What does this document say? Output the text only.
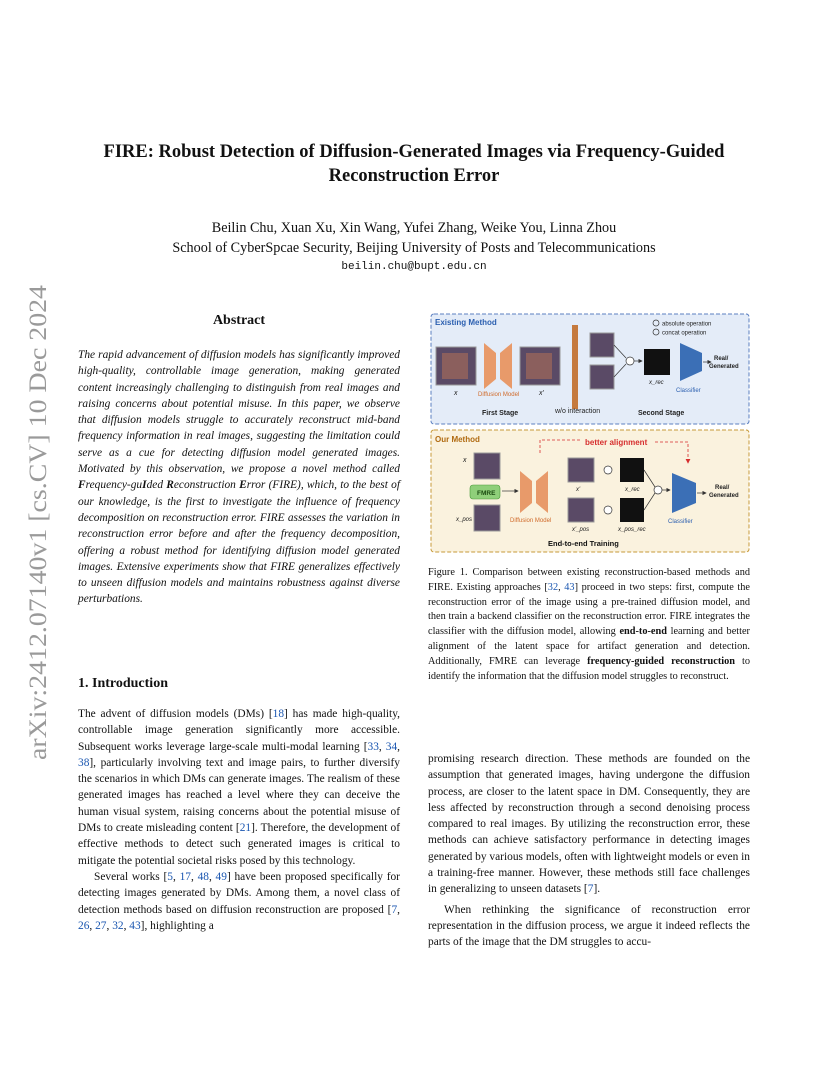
arXiv:2412.07140v1 [cs.CV] 10 Dec 2024
FIRE: Robust Detection of Diffusion-Generated Images via Frequency-Guided
Reconstruction Error
Beilin Chu, Xuan Xu, Xin Wang, Yufei Zhang, Weike You, Linna Zhou
School of CyberSpcae Security, Beijing University of Posts and Telecommunications
beilin.chu@bupt.edu.cn
Abstract
The rapid advancement of diffusion models has significantly improved high-quality, controllable image generation, making generated content increasingly challenging to distinguish from real images and raising concerns about potential misuse. In this paper, we observe that diffusion models struggle to accurately reconstruct mid-band frequency information in real images, suggesting the limitation could serve as a cue for detecting diffusion model generated images. Motivated by this observation, we propose a novel method called Frequency-guIded Reconstruction Error (FIRE), which, to the best of our knowledge, is the first to investigate the influence of frequency decomposition on reconstruction error. FIRE assesses the variation in reconstruction error before and after the frequency decomposition, offering a robust method for identifying diffusion model generated images. Extensive experiments show that FIRE generalizes effectively to unseen diffusion models and maintains robustness against diverse perturbations.
1. Introduction

The advent of diffusion models (DMs) [18] has made high-quality, controllable image generation significantly more accessible. Subsequent works leverage large-scale multi-modal learning [33, 34, 38], particularly involving text and image pairs, to further diversify the scenarios in which DMs can generate images. The realism of these generated images has reached a level where they can deceive the human visual system, raising concerns about the potential misuse of DMs to create misleading content [21]. Therefore, the development of effective methods to detect such generated images is critical to mitigate the potential societal risks posed by this technology.

Several works [5, 17, 48, 49] have been proposed specifically for detecting images generated by DMs. Among them, a novel class of detection methods based on diffusion reconstruction are proposed [7, 26, 27, 32, 43], highlighting a

Existing Method	absolute operation
concat operation
x	Diffusion Model	x'
x_rec
Classifier
Real/
Generated
First Stage	w/o interaction	Second Stage
Our Method	better alignment
x
FMRE
x_pos	Diffusion Model
x'
x'_pos
x_rec
x_pos_rec
Classifier
Real/
Generated
End-to-end Training
Figure 1. Comparison between existing reconstruction-based methods and FIRE. Existing approaches [32, 43] proceed in two steps: first, compute the reconstruction error of the image using a pre-trained diffusion model, and then train a backend classifier on the reconstruction error. FIRE integrates the classifier with the diffusion model, allowing end-to-end learning and better alignment of the latent space for artifact generation and detection. Additionally, FMRE can leverage frequency-guided reconstruction to identify the information that the diffusion model struggles to reconstruct.

promising research direction. These methods are founded on the assumption that generated images, having undergone the diffusion process, are closer to the latent space in DM. Consequently, they are less affected by reconstruction through a second denoising process compared to real images. By utilizing the reconstruction error, these methods can achieve satisfactory performance in detecting images generated by various models, often with lightweight models or even in a training-free manner. However, these methods still face challenges in generalizing to unseen datasets [7].

When rethinking the significance of reconstruction error representation in the diffusion process, we argue it indeed reflects the parts of the image that the DM struggles to accu-
